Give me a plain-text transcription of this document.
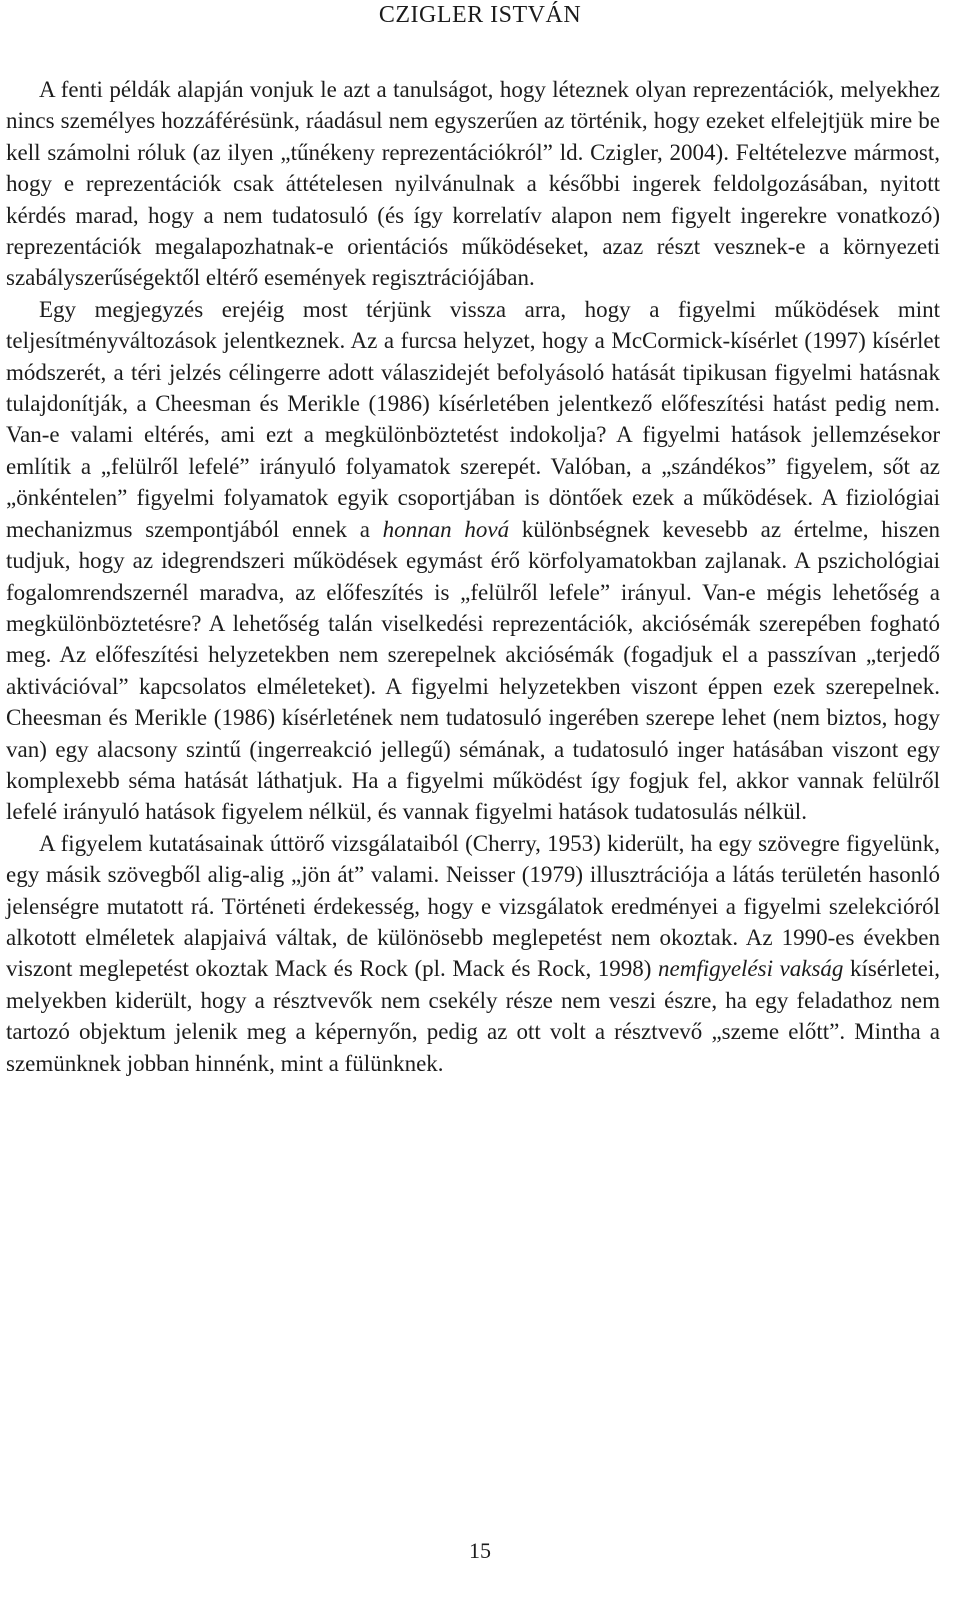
CZIGLER ISTVÁN

A fenti példák alapján vonjuk le azt a tanulságot, hogy léteznek olyan reprezentációk, melyekhez nincs személyes hozzáférésünk, ráadásul nem egyszerűen az történik, hogy ezeket elfelejtjük mire be kell számolni róluk (az ilyen „tűnékeny reprezentációkról” ld. Czigler, 2004). Feltételezve mármost, hogy e reprezentációk csak áttételesen nyilvánulnak a későbbi ingerek feldolgozásában, nyitott kérdés marad, hogy a nem tudatosuló (és így korrelatív alapon nem figyelt ingerekre vonatkozó) reprezentációk megalapozhatnak-e orientációs működéseket, azaz részt vesznek-e a környezeti szabályszerűségektől eltérő események regisztrációjában.

Egy megjegyzés erejéig most térjünk vissza arra, hogy a figyelmi működések mint teljesítményváltozások jelentkeznek. Az a furcsa helyzet, hogy a McCormick-kísérlet (1997) kísérlet módszerét, a téri jelzés célingerre adott válaszidejét befolyásoló hatását tipikusan figyelmi hatásnak tulajdonítják, a Cheesman és Merikle (1986) kísérletében jelentkező előfeszítési hatást pedig nem. Van-e valami eltérés, ami ezt a megkülönböztetést indokolja? A figyelmi hatások jellemzésekor említik a „felülről lefelé” irányuló folyamatok szerepét. Valóban, a „szándékos” figyelem, sőt az „önkéntelen” figyelmi folyamatok egyik csoportjában is döntőek ezek a működések. A fiziológiai mechanizmus szempontjából ennek a honnan hová különbségnek kevesebb az értelme, hiszen tudjuk, hogy az idegrendszeri működések egymást érő körfolyamatokban zajlanak. A pszichológiai fogalomrendszernél maradva, az előfeszítés is „felülről lefele” irányul. Van-e mégis lehetőség a megkülönböztetésre? A lehetőség talán viselkedési reprezentációk, akciósémák szerepében fogható meg. Az előfeszítési helyzetekben nem szerepelnek akciósémák (fogadjuk el a passzívan „terjedő aktivációval” kapcsolatos elméleteket). A figyelmi helyzetekben viszont éppen ezek szerepelnek. Cheesman és Merikle (1986) kísérletének nem tudatosuló ingerében szerepe lehet (nem biztos, hogy van) egy alacsony szintű (ingerreakció jellegű) sémának, a tudatosuló inger hatásában viszont egy komplexebb séma hatását láthatjuk. Ha a figyelmi működést így fogjuk fel, akkor vannak felülről lefelé irányuló hatások figyelem nélkül, és vannak figyelmi hatások tudatosulás nélkül.

A figyelem kutatásainak úttörő vizsgálataiból (Cherry, 1953) kiderült, ha egy szövegre figyelünk, egy másik szövegből alig-alig „jön át” valami. Neisser (1979) illusztrációja a látás területén hasonló jelenségre mutatott rá. Történeti érdekesség, hogy e vizsgálatok eredményei a figyelmi szelekcióról alkotott elméletek alapjaivá váltak, de különösebb meglepetést nem okoztak. Az 1990-es években viszont meglepetést okoztak Mack és Rock (pl. Mack és Rock, 1998) nemfigyelési vakság kísérletei, melyekben kiderült, hogy a résztvevők nem csekély része nem veszi észre, ha egy feladathoz nem tartozó objektum jelenik meg a képernyőn, pedig az ott volt a résztvevő „szeme előtt”. Mintha a szemünknek jobban hinnénk, mint a fülünknek.

15
